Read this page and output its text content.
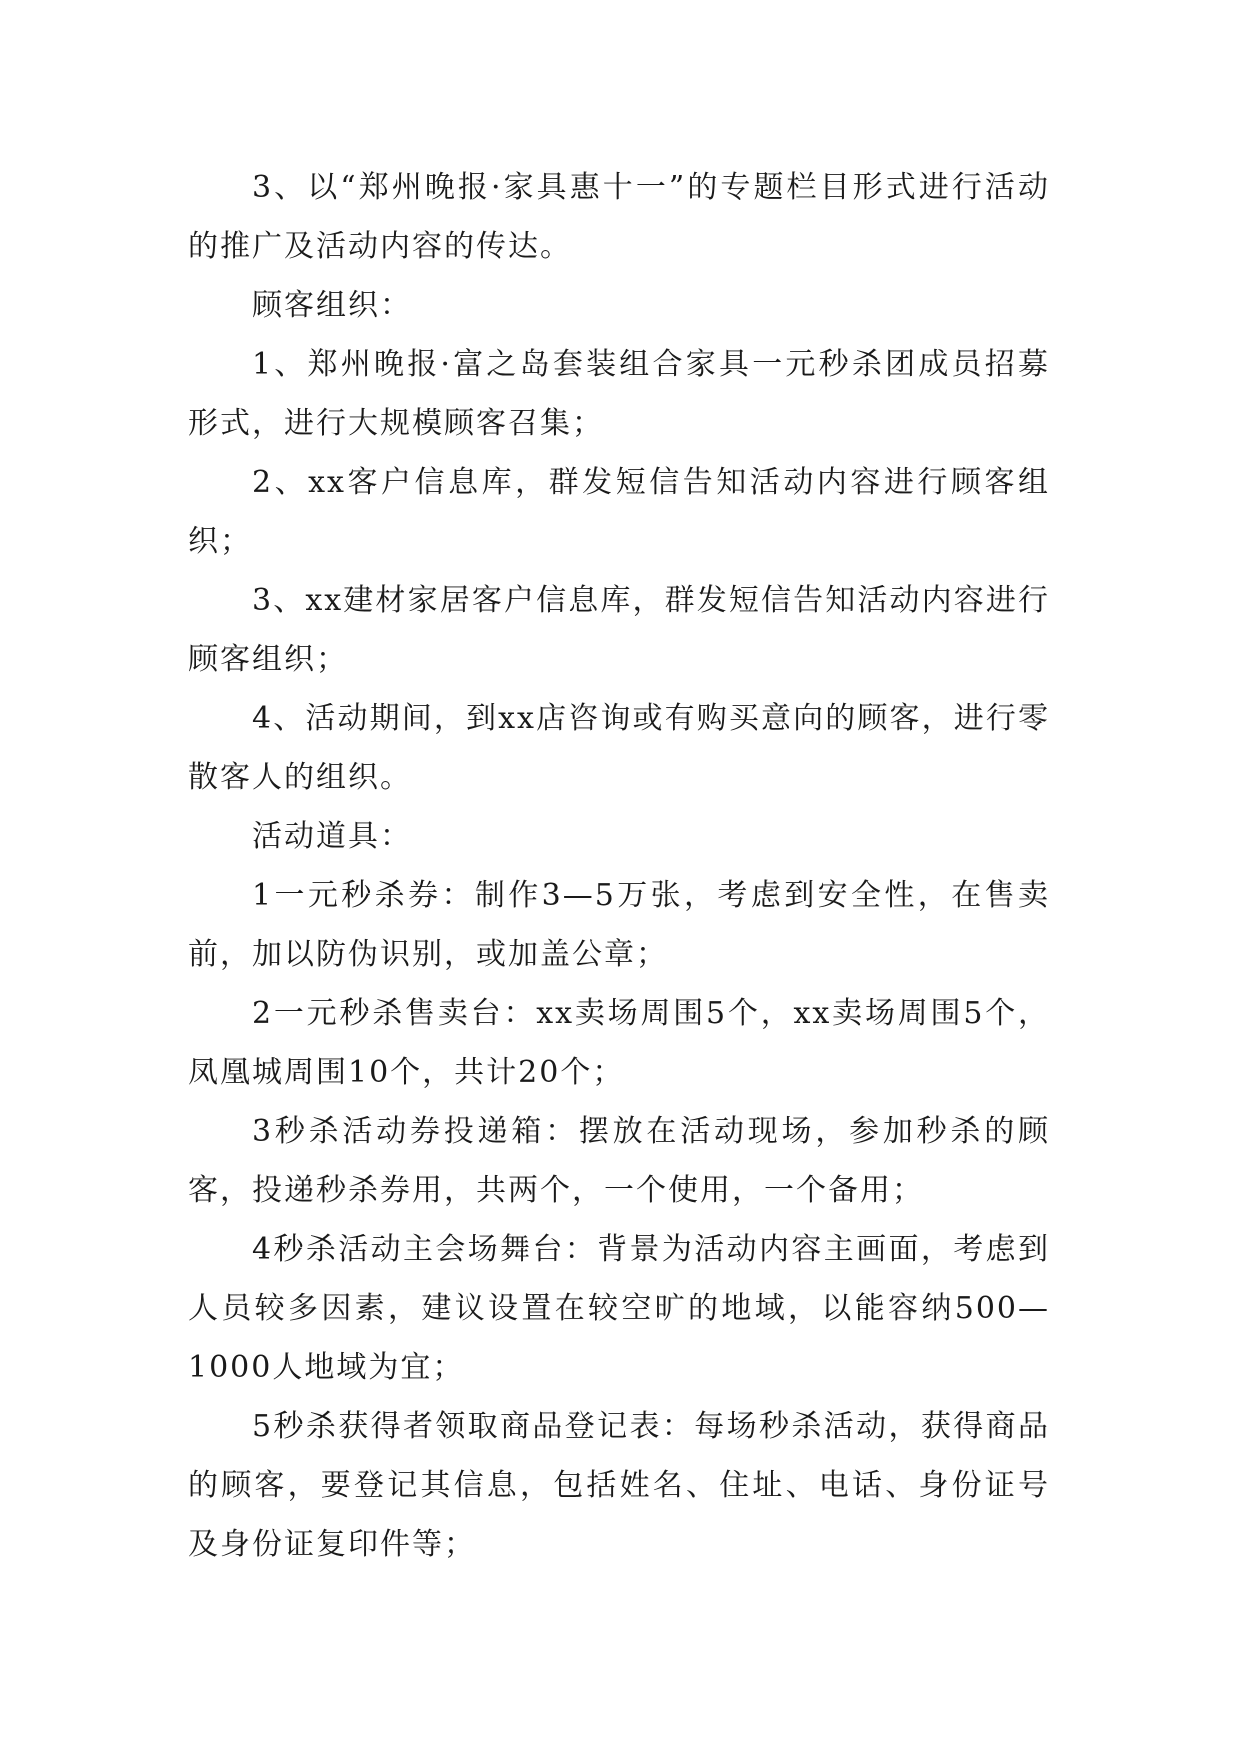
3、以“郑州晚报·家具惠十一”的专题栏目形式进行活动的推广及活动内容的传达。

顾客组织：

1、郑州晚报·富之岛套装组合家具一元秒杀团成员招募形式，进行大规模顾客召集；

2、xx客户信息库，群发短信告知活动内容进行顾客组织；

3、xx建材家居客户信息库，群发短信告知活动内容进行顾客组织；

4、活动期间，到xx店咨询或有购买意向的顾客，进行零散客人的组织。

活动道具：

1一元秒杀券：制作3—5万张，考虑到安全性，在售卖前，加以防伪识别，或加盖公章；

2一元秒杀售卖台：xx卖场周围5个，xx卖场周围5个，凤凰城周围10个，共计20个；

3秒杀活动券投递箱：摆放在活动现场，参加秒杀的顾客，投递秒杀券用，共两个，一个使用，一个备用；

4秒杀活动主会场舞台：背景为活动内容主画面，考虑到人员较多因素，建议设置在较空旷的地域，以能容纳500—1000人地域为宜；

5秒杀获得者领取商品登记表：每场秒杀活动，获得商品的顾客，要登记其信息，包括姓名、住址、电话、身份证号及身份证复印件等；
